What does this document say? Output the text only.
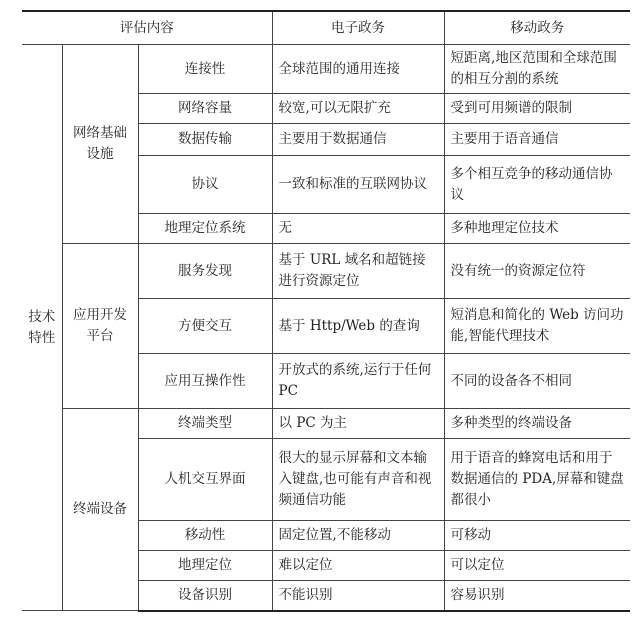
评估内容			电子政务	移动政务
技术特性	网络基础设施	连接性	全球范围的通用连接	短距离,地区范围和全球范围的相互分割的系统
		网络容量	较宽,可以无限扩充	受到可用频谱的限制
		数据传输	主要用于数据通信	主要用于语音通信
		协议	一致和标准的互联网协议	多个相互竞争的移动通信协议
		地理定位系统	无	多种地理定位技术
	应用开发平台	服务发现	基于 URL 域名和超链接进行资源定位	没有统一的资源定位符
		方便交互	基于 Http/Web 的查询	短消息和简化的 Web 访问功能,智能代理技术
		应用互操作性	开放式的系统,运行于任何 PC	不同的设备各不相同
	终端设备	终端类型	以 PC 为主	多种类型的终端设备
		人机交互界面	很大的显示屏幕和文本输入键盘,也可能有声音和视频通信功能	用于语音的蜂窝电话和用于数据通信的 PDA,屏幕和键盘都很小
		移动性	固定位置,不能移动	可移动
		地理定位	难以定位	可以定位
		设备识别	不能识别	容易识别
